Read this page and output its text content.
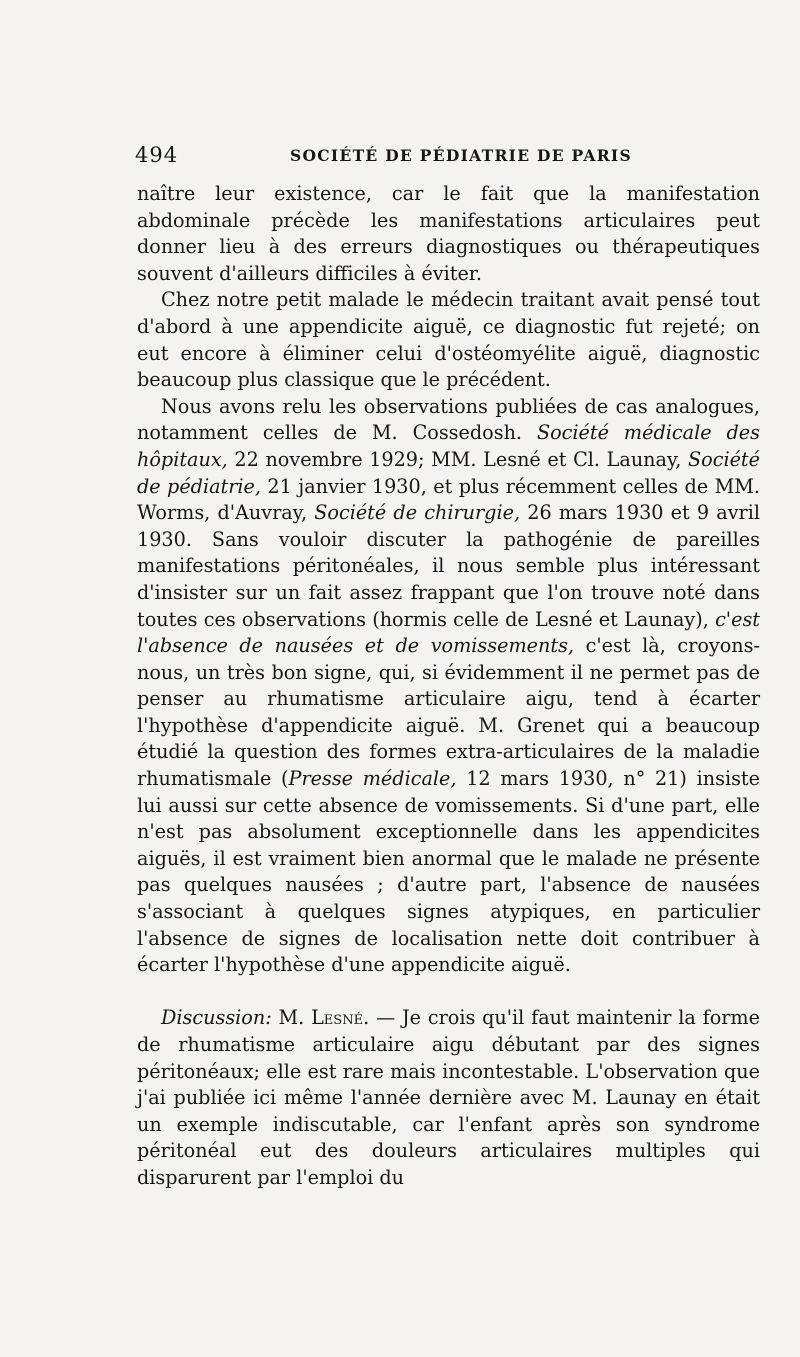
494	SOCIÉTÉ DE PÉDIATRIE DE PARIS

naître leur existence, car le fait que la manifestation abdominale précède les manifestations articulaires peut donner lieu à des erreurs diagnostiques ou thérapeutiques souvent d'ailleurs difficiles à éviter.

Chez notre petit malade le médecin traitant avait pensé tout d'abord à une appendicite aiguë, ce diagnostic fut rejeté; on eut encore à éliminer celui d'ostéomyélite aiguë, diagnostic beaucoup plus classique que le précédent.

Nous avons relu les observations publiées de cas analogues, notamment celles de M. Cossedosh. Société médicale des hôpitaux, 22 novembre 1929; MM. Lesné et Cl. Launay, Société de pédiatrie, 21 janvier 1930, et plus récemment celles de MM. Worms, d'Auvray, Société de chirurgie, 26 mars 1930 et 9 avril 1930. Sans vouloir discuter la pathogénie de pareilles manifestations péritonéales, il nous semble plus intéressant d'insister sur un fait assez frappant que l'on trouve noté dans toutes ces observations (hormis celle de Lesné et Launay), c'est l'absence de nausées et de vomissements, c'est là, croyons-nous, un très bon signe, qui, si évidemment il ne permet pas de penser au rhumatisme articulaire aigu, tend à écarter l'hypothèse d'appendicite aiguë. M. Grenet qui a beaucoup étudié la question des formes extra-articulaires de la maladie rhumatismale (Presse médicale, 12 mars 1930, n° 21) insiste lui aussi sur cette absence de vomissements. Si d'une part, elle n'est pas absolument exceptionnelle dans les appendicites aiguës, il est vraiment bien anormal que le malade ne présente pas quelques nausées ; d'autre part, l'absence de nausées s'associant à quelques signes atypiques, en particulier l'absence de signes de localisation nette doit contribuer à écarter l'hypothèse d'une appendicite aiguë.

Discussion: M. Lesné. — Je crois qu'il faut maintenir la forme de rhumatisme articulaire aigu débutant par des signes péritonéaux; elle est rare mais incontestable. L'observation que j'ai publiée ici même l'année dernière avec M. Launay en était un exemple indiscutable, car l'enfant après son syndrome péritonéal eut des douleurs articulaires multiples qui disparurent par l'emploi du
